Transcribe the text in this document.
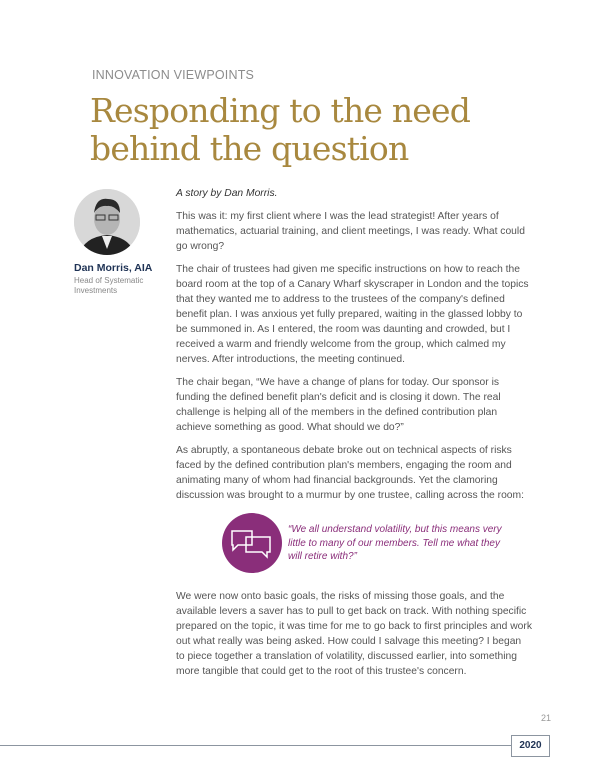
INNOVATION VIEWPOINTS
Responding to the need
behind the question
Dan Morris, AIA
Head of Systematic Investments

A story by Dan Morris.

This was it: my first client where I was the lead strategist! After years of mathematics, actuarial training, and client meetings, I was ready. What could go wrong?

The chair of trustees had given me specific instructions on how to reach the board room at the top of a Canary Wharf skyscraper in London and the topics that they wanted me to address to the trustees of the company's defined benefit plan. I was anxious yet fully prepared, waiting in the glassed lobby to be summoned in. As I entered, the room was daunting and crowded, but I received a warm and friendly welcome from the group, which calmed my nerves. After introductions, the meeting continued.

The chair began, “We have a change of plans for today. Our sponsor is funding the defined benefit plan's deficit and is closing it down. The real challenge is helping all of the members in the defined contribution plan achieve something as good. What should we do?”

As abruptly, a spontaneous debate broke out on technical aspects of risks faced by the defined contribution plan's members, engaging the room and animating many of whom had financial backgrounds. Yet the clamoring discussion was brought to a murmur by one trustee, calling across the room:

“We all understand volatility, but this means very little to many of our members. Tell me what they will retire with?”

We were now onto basic goals, the risks of missing those goals, and the available levers a saver has to pull to get back on track. With nothing specific prepared on the topic, it was time for me to go back to first principles and work out what really was being asked. How could I salvage this meeting? I began to piece together a translation of volatility, discussed earlier, into something more tangible that could get to the root of this trustee's concern.

21
2020
